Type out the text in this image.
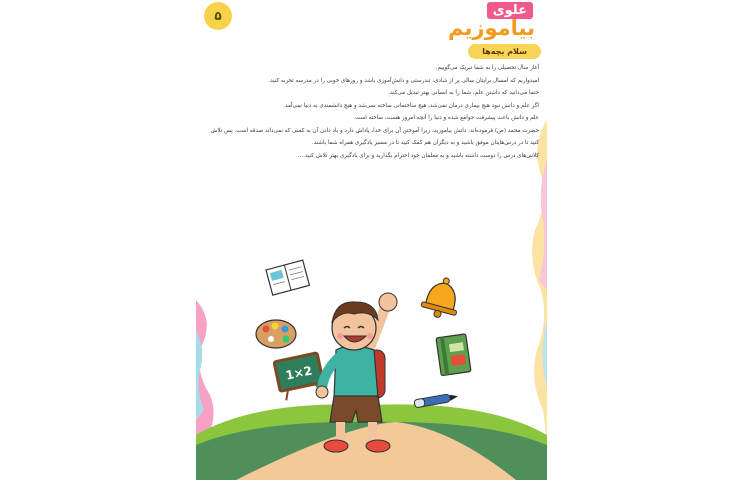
۵	علوی
بیاموزیم
سلام بچه‌ها

آغاز سال تحصیلی را به شما تبریک می‌گوییم.

امیدواریم که امسال برایتان سالی پر از شادی، تندرستی و دانش‌آموزی باشد و روزهای خوبی را در مدرسه تجربه کنید.

حتما می‌دانید که داشتن علم، شما را به انسانی بهتر تبدیل می‌کند.

اگر علم و دانش نبود هیچ بیماری درمان نمی‌شد، هیچ ساختمانی ساخته نمی‌شد و هیچ دانشمندی به دنیا نمی‌آمد.

علم و دانش باعث پیشرفت جوامع شده و دنیا را آنچه امروز هست، ساخته است.

حضرت محمد (ص) فرموده‌اند: دانش بیاموزید، زیرا آموختن آن برای خدا، پاداش دارد و یاد دادن آن به کسی که نمی‌داند صدقه است. پس تلاش کنید تا در درس‌هایتان موفق باشید و به دیگران هم کمک کنید تا در مسیر یادگیری همراه شما باشند.

کلاس‌های درس را دوست داشته باشید و به معلمان خود احترام بگذارید و برای یادگیری بهتر تلاش کنید....

1×2
